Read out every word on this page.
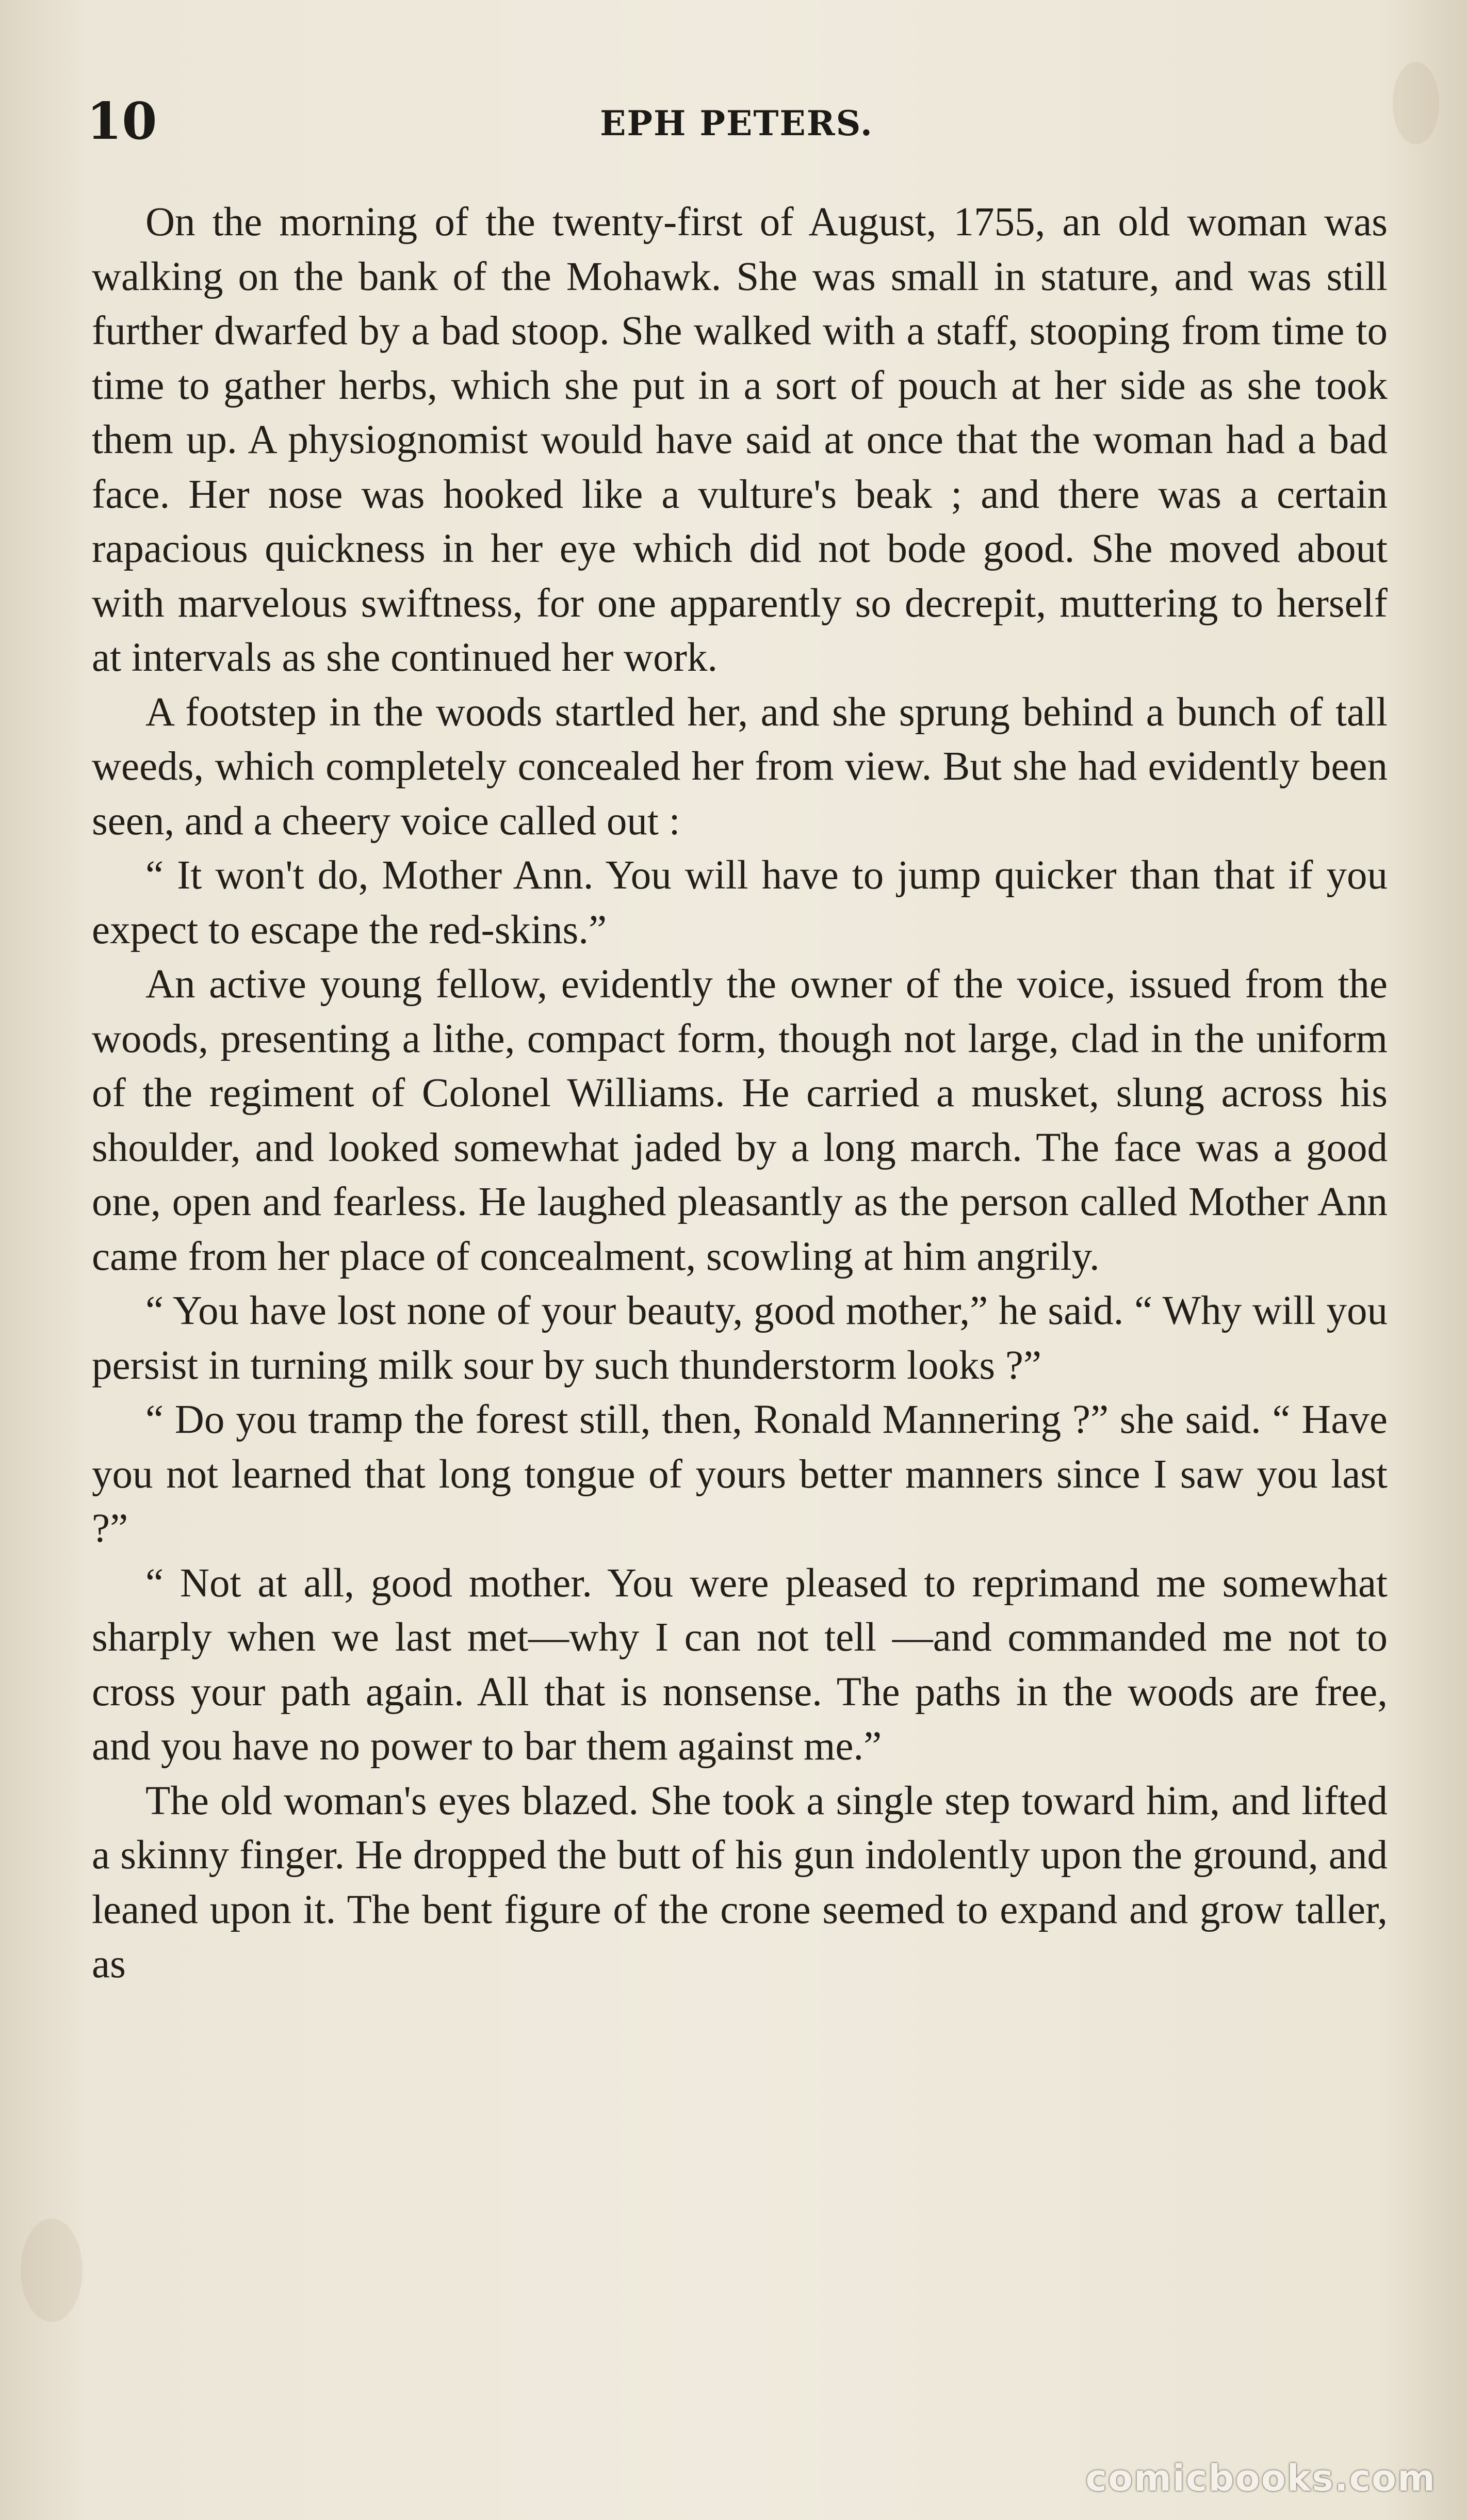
10	EPH PETERS.

On the morning of the twenty-first of August, 1755, an old woman was walking on the bank of the Mohawk. She was small in stature, and was still further dwarfed by a bad stoop. She walked with a staff, stooping from time to time to gather herbs, which she put in a sort of pouch at her side as she took them up. A physiognomist would have said at once that the woman had a bad face. Her nose was hooked like a vulture's beak ; and there was a certain rapacious quickness in her eye which did not bode good. She moved about with marvelous swiftness, for one apparently so decrepit, muttering to herself at intervals as she continued her work.

A footstep in the woods startled her, and she sprung behind a bunch of tall weeds, which completely concealed her from view. But she had evidently been seen, and a cheery voice called out :

“ It won't do, Mother Ann. You will have to jump quicker than that if you expect to escape the red-skins.”

An active young fellow, evidently the owner of the voice, issued from the woods, presenting a lithe, compact form, though not large, clad in the uniform of the regiment of Colonel Williams. He carried a musket, slung across his shoulder, and looked somewhat jaded by a long march. The face was a good one, open and fearless. He laughed pleasantly as the person called Mother Ann came from her place of concealment, scowling at him angrily.

“ You have lost none of your beauty, good mother,” he said. “ Why will you persist in turning milk sour by such thunderstorm looks ?”

“ Do you tramp the forest still, then, Ronald Mannering ?” she said. “ Have you not learned that long tongue of yours better manners since I saw you last ?”

“ Not at all, good mother. You were pleased to reprimand me somewhat sharply when we last met—why I can not tell —and commanded me not to cross your path again. All that is nonsense. The paths in the woods are free, and you have no power to bar them against me.”

The old woman's eyes blazed. She took a single step toward him, and lifted a skinny finger. He dropped the butt of his gun indolently upon the ground, and leaned upon it. The bent figure of the crone seemed to expand and grow taller, as

comicbooks.com
